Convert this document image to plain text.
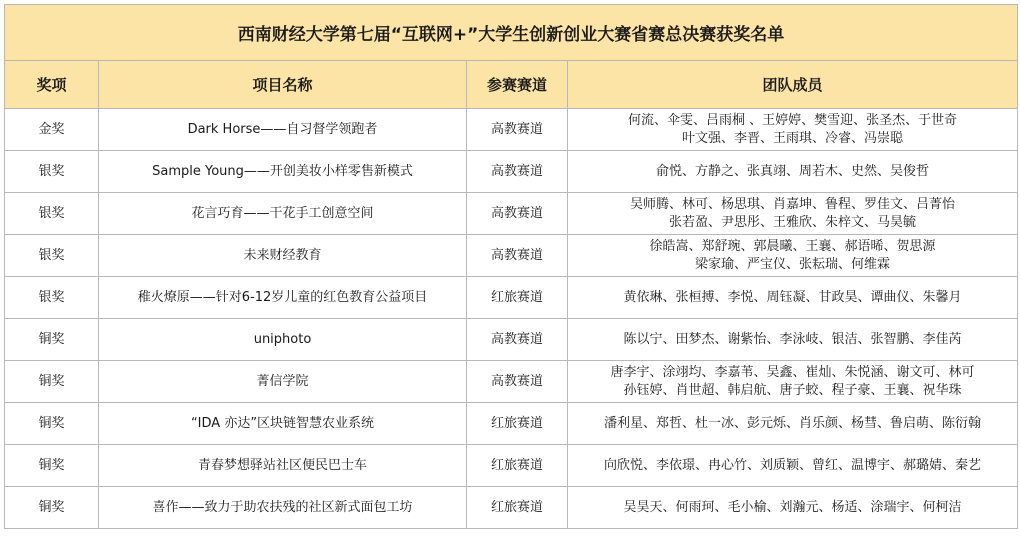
西南财经大学第七届“互联网+”大学生创新创业大赛省赛总决赛获奖名单			
奖项	项目名称	参赛赛道	团队成员
金奖	Dark Horse——自习督学领跑者	高教赛道	何流、伞雯、吕雨桐 、王婷婷、樊雪迎、张圣杰、于世奇
叶文强、李晋、王雨琪、冷睿、冯崇聪

银奖	Sample Young——开创美妆小样零售新模式	高教赛道	俞悦、方静之、张真翊、周若木、史然、吴俊哲

银奖	花言巧育——干花手工创意空间	高教赛道	吴师腾、林可、杨思琪、肖嘉坤、鲁程、罗佳文、吕菁怡
张若盈、尹思彤、王雅欣、朱梓文、马昊毓

银奖	未来财经教育	高教赛道	徐皓嵩、郑舒琬、郭晨曦、王襄、郝语晞、贺思源
梁家瑜、严宝仪、张耘瑞、何维霖

银奖	稚火燎原——针对6-12岁儿童的红色教育公益项目	红旅赛道	黄依琳、张桓搏、李悦、周钰凝、甘政昊、谭曲仪、朱馨月

铜奖	uniphoto	高教赛道	陈以宁、田梦杰、谢紫怡、李泳岐、银洁、张智鹏、李佳芮

铜奖	菁信学院	高教赛道	唐李宇、涂翊均、李嘉苇、吴鑫、崔灿、朱悦涵、谢文可、林可
孙钰婷、肖世超、韩启航、唐子蛟、程子豪、王襄、祝华珠

铜奖	“IDA 亦达”区块链智慧农业系统	红旅赛道	潘利星、郑哲、杜一冰、彭元烁、肖乐颜、杨彗、鲁启萌、陈衍翰

铜奖	青春梦想驿站社区便民巴士车	红旅赛道	向欣悦、李依璟、冉心竹、刘质颖、曾红、温博宇、郝璐婧、秦艺

铜奖	喜作——致力于助农扶残的社区新式面包工坊	红旅赛道	吴昊天、何雨珂、毛小榆、刘瀚元、杨适、涂瑞宇、何柯洁
